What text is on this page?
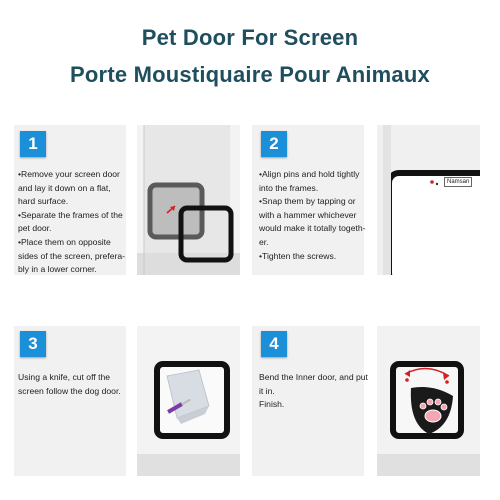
Pet Door For Screen
Porte Moustiquaire Pour Animaux
1
•Remove your screen door
and lay it down on a flat,
hard surface.
•Separate the frames of the
pet door.
•Place them on opposite
sides of the screen, prefera-
bly in a lower corner.
2
•Align pins and hold tightly
into the frames.
•Snap them by tapping or
with a hammer whichever
would make it totally togeth-
er.
•Tighten the screws.
Namsan
3
Using a knife, cut off the
screen follow the dog door.
4
Bend the Inner door, and put
it in.
Finish.
